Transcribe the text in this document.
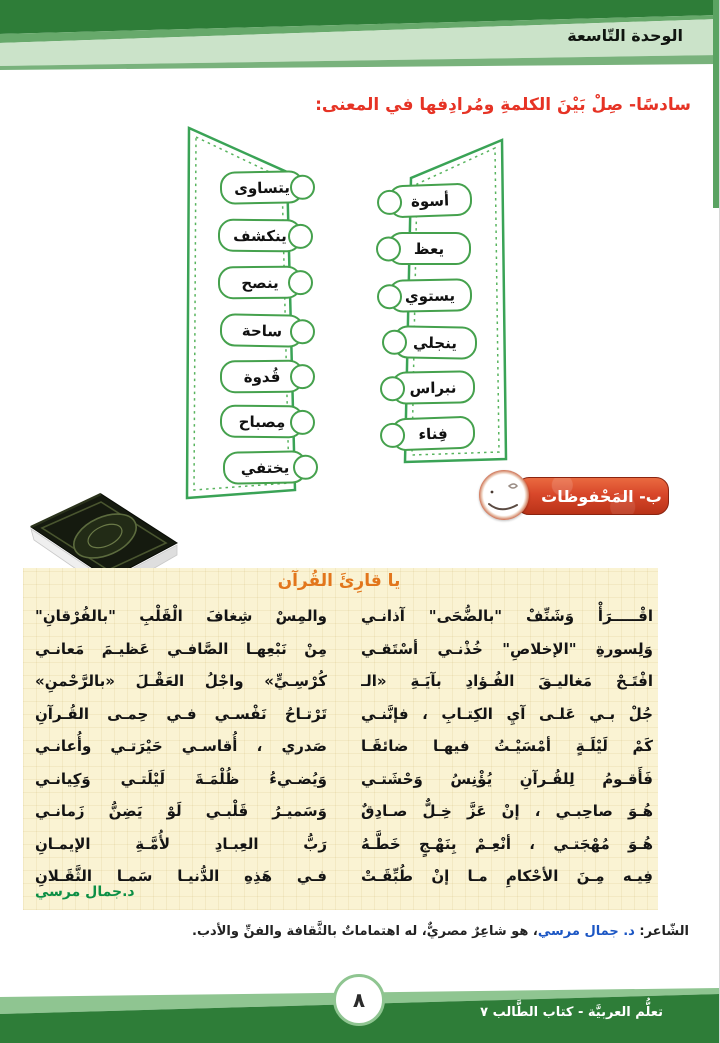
الوحدة التّاسعة
سادسًا- صِلْ بَيْنَ الكلمةِ ومُرادِفها في المعنى:
يتساوى
ينكشف
ينصح
ساحة
قُدوة
مِصباح
يختفي
أسوة
يعظ
يستوي
ينجلي
نبراس
فِناء
ب- المَحْفوظات
يا قارِئَ القُرآن
اقْـــــرَأْ وَشَنِّفْ "بالضُّحَى" آذانـي
وَلِسورةِ "الإخلاصِ" خُذْنـي أسْتَقـي
افْتَـحْ مَغاليـقَ الفُـؤادِ بآيَـةِ «الـ
جُلْ بـي عَلـى آيِ الكِتـابِ ، فإنَّنـي
كَمْ لَيْلَـةٍ أمْسَيْـتُ فيهـا ضائقَـا
فَأَقـومُ لِلقُـرآنِ يُؤْنِسُ وَحْشَتـي
هُـوَ صاحِبـي ، إنْ عَزَّ خِـلٌّ صـادِقٌ
هُـوَ مُهْجَتـي ، أنْعِـمْ بِنَهْـجٍ خَطَّـهُ
فِيـه مِـنَ الأحْكامِ مـا إنْ طُبِّقَـتْ
والمِسْ شِغافَ الْقَلْبِ "بالفُرْقانِ"
مِنْ نَبْعِهـا الصَّافـي عَظيـمَ مَعانـي
كُرْسِـيٍّ» واجْلُ العَقْـلَ «بالرَّحْمنِ»
تَرْتـاحُ نَفْسـي فـي حِمـى القُـرآنِ
صَدري ، أُقاسـي حَيْرَتـي وأُعانـي
وَيُضـيءُ ظُلْمَـةَ لَيْلَتـي وَكِيانـي
وَسَميـرُ قَلْبـي لَوْ يَضِنُّ زَمانـي
رَبُّ العِبـادِ لأُمَّـةِ الإيمـانِ
فـي هَذِهِ الدُّنيـا سَمـا الثَّقَـلانِ
د.جمال مرسي
الشّاعر: د. جمال مرسي، هو شاعِرٌ مصريٌّ، له اهتماماتٌ بالثَّقافة والفنِّ والأدب.
٨
تعلُّم العربيَّة - كتاب الطَّالب ٧
